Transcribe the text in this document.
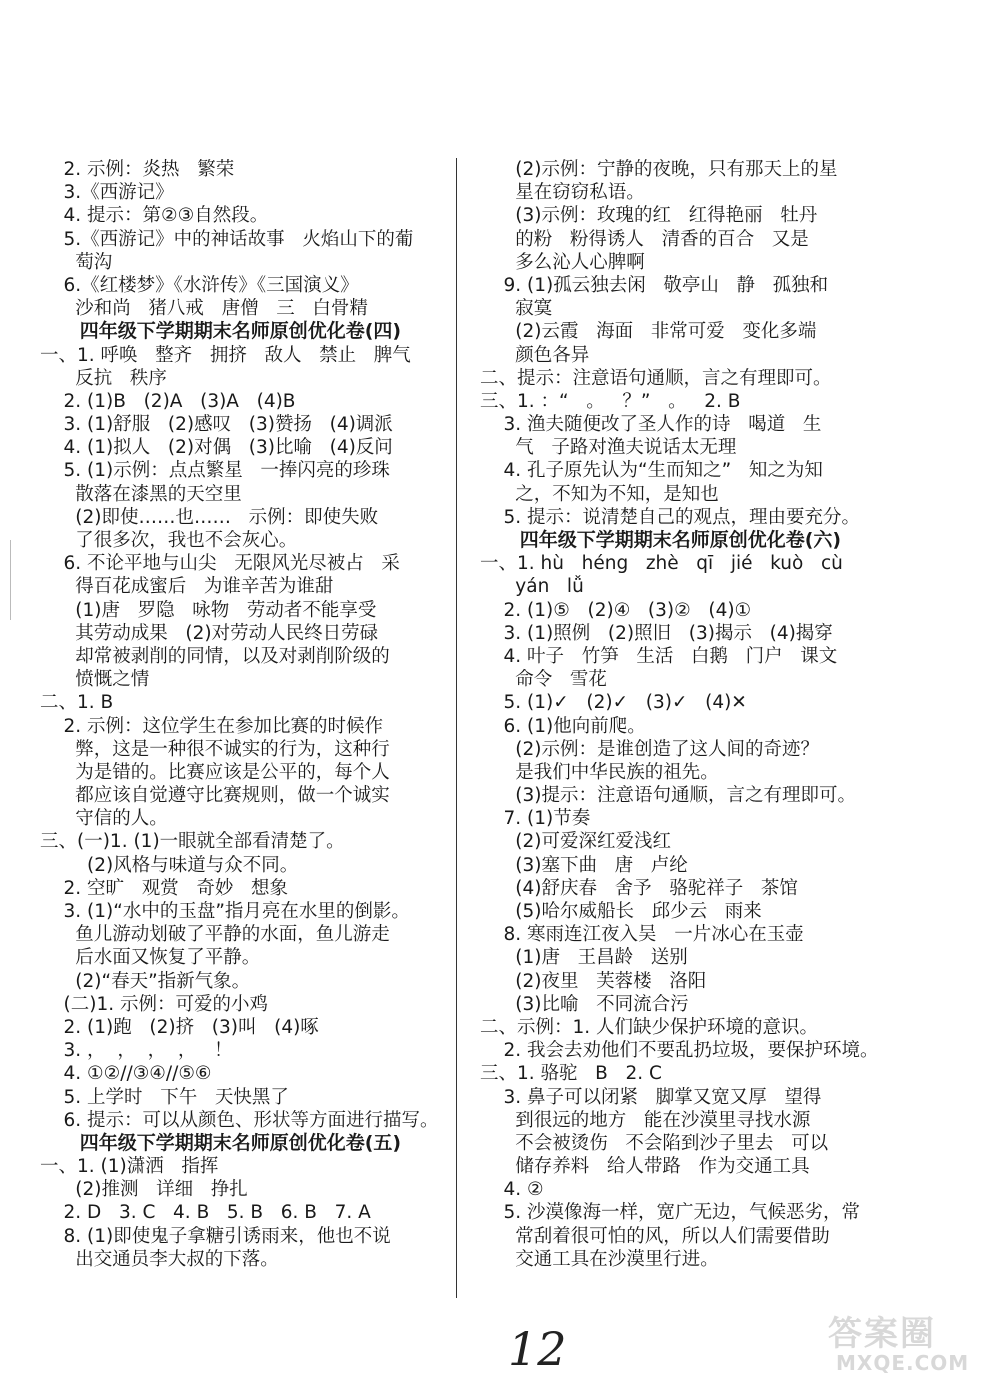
2. 示例：炎热   繁荣
3.《西游记》
4. 提示：第②③自然段。
5.《西游记》中的神话故事   火焰山下的葡
萄沟
6.《红楼梦》《水浒传》《三国演义》
沙和尚   猪八戒   唐僧   三   白骨精
四年级下学期期末名师原创优化卷(四)
一、1. 呼唤   整齐   拥挤   敌人   禁止   脾气
反抗   秩序
2. (1)B   (2)A   (3)A   (4)B
3. (1)舒服   (2)感叹   (3)赞扬   (4)调派
4. (1)拟人   (2)对偶   (3)比喻   (4)反问
5. (1)示例：点点繁星   一捧闪亮的珍珠
散落在漆黑的天空里
(2)即使……也……   示例：即使失败
了很多次，我也不会灰心。
6. 不论平地与山尖   无限风光尽被占   采
得百花成蜜后   为谁辛苦为谁甜
(1)唐   罗隐   咏物   劳动者不能享受
其劳动成果   (2)对劳动人民终日劳碌
却常被剥削的同情，以及对剥削阶级的
愤慨之情
二、1. B
2. 示例：这位学生在参加比赛的时候作
弊，这是一种很不诚实的行为，这种行
为是错的。比赛应该是公平的，每个人
都应该自觉遵守比赛规则，做一个诚实
守信的人。
三、(一)1. (1)一眼就全部看清楚了。
(2)风格与味道与众不同。
2. 空旷   观赏   奇妙   想象
3. (1)“水中的玉盘”指月亮在水里的倒影。
鱼儿游动划破了平静的水面，鱼儿游走
后水面又恢复了平静。
(2)“春天”指新气象。
(二)1. 示例：可爱的小鸡
2. (1)跑   (2)挤   (3)叫   (4)啄
3. ，  ，  ，  ，   ！
4. ①②//③④//⑤⑥
5. 上学时   下午   天快黑了
6. 提示：可以从颜色、形状等方面进行描写。
四年级下学期期末名师原创优化卷(五)
一、1. (1)潇洒   指挥
(2)推测   详细   挣扎
2. D   3. C   4. B   5. B   6. B   7. A
8. (1)即使鬼子拿糖引诱雨来，他也不说
出交通员李大叔的下落。
(2)示例：宁静的夜晚，只有那天上的星
星在窃窃私语。
(3)示例：玫瑰的红   红得艳丽   牡丹
的粉   粉得诱人   清香的百合   又是
多么沁人心脾啊
9. (1)孤云独去闲   敬亭山   静   孤独和
寂寞
(2)云霞   海面   非常可爱   变化多端
颜色各异
二、提示：注意语句通顺，言之有理即可。
三、1. ：“   。   ？”   。   2. B
3. 渔夫随便改了圣人作的诗   喝道   生
气   子路对渔夫说话太无理
4. 孔子原先认为“生而知之”   知之为知
之，不知为不知，是知也
5. 提示：说清楚自己的观点，理由要充分。
四年级下学期期末名师原创优化卷(六)
一、1. hù   héng   zhè   qī   jié   kuò   cù
yán   lǚ
2. (1)⑤   (2)④   (3)②   (4)①
3. (1)照例   (2)照旧   (3)揭示   (4)揭穿
4. 叶子   竹笋   生活   白鹅   门户   课文
命令   雪花
5. (1)✓   (2)✓   (3)✓   (4)✕
6. (1)他向前爬。
(2)示例：是谁创造了这人间的奇迹？
是我们中华民族的祖先。
(3)提示：注意语句通顺，言之有理即可。
7. (1)节奏
(2)可爱深红爱浅红
(3)塞下曲   唐   卢纶
(4)舒庆春   舍予   骆驼祥子   茶馆
(5)哈尔威船长   邱少云   雨来
8. 寒雨连江夜入吴   一片冰心在玉壶
(1)唐   王昌龄   送别
(2)夜里   芙蓉楼   洛阳
(3)比喻   不同流合污
二、示例：1. 人们缺少保护环境的意识。
2. 我会去劝他们不要乱扔垃圾，要保护环境。
三、1. 骆驼   B   2. C
3. 鼻子可以闭紧   脚掌又宽又厚   望得
到很远的地方   能在沙漠里寻找水源
不会被烫伤   不会陷到沙子里去   可以
储存养料   给人带路   作为交通工具
4. ②
5. 沙漠像海一样，宽广无边，气候恶劣，常
常刮着很可怕的风，所以人们需要借助
交通工具在沙漠里行进。
12	答案圈
MXQE.COM
